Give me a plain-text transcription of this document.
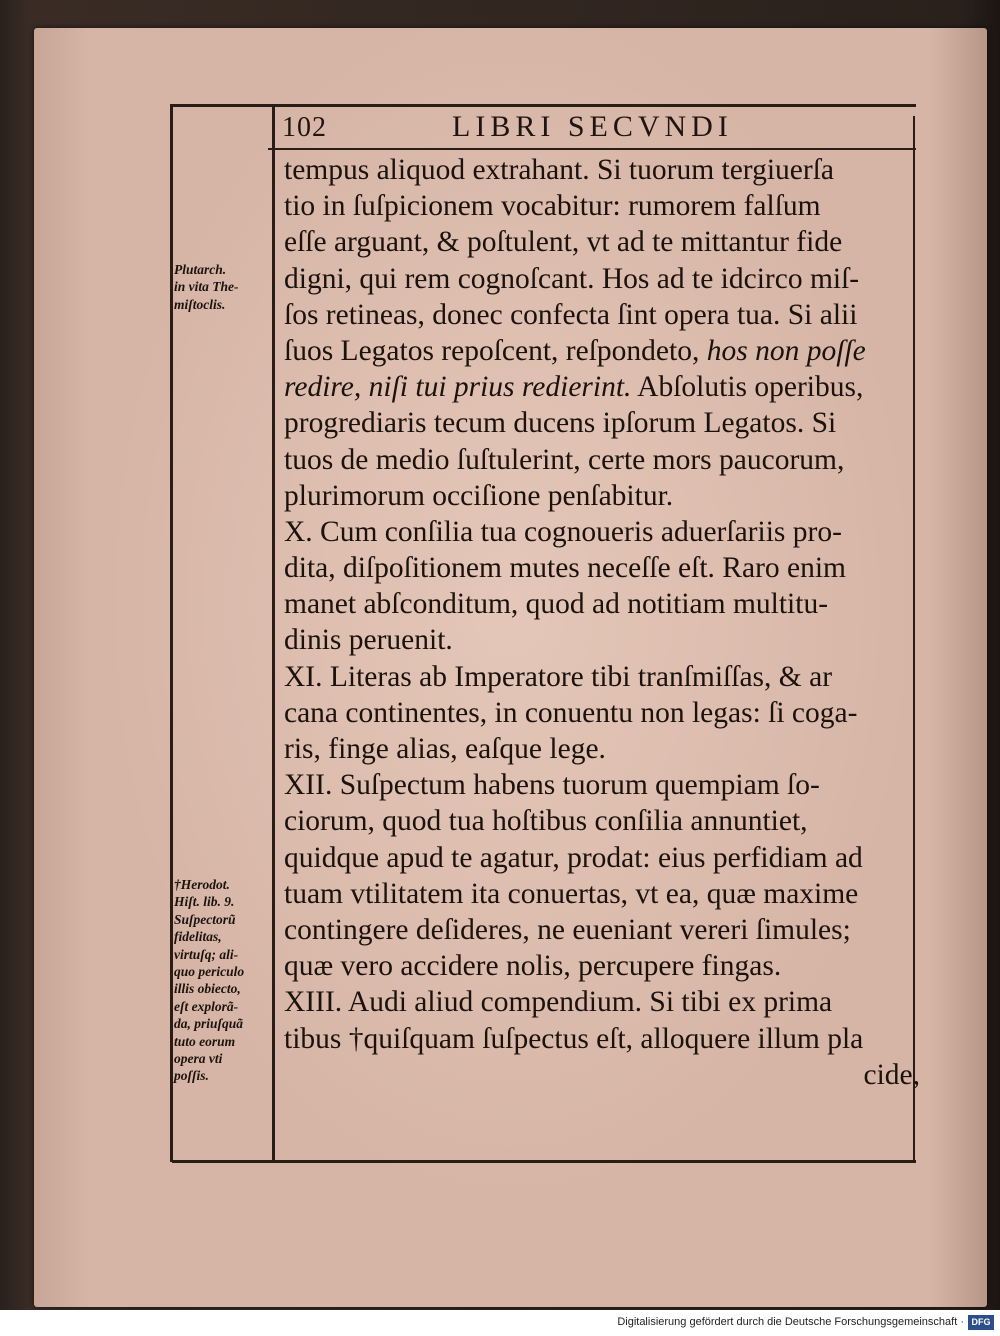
102	LIBRI SECVNDI
tempus aliquod extrahant. Si tuorum tergiuerſa
tio in ſuſpicionem vocabitur: rumorem falſum
eſſe arguant, & poſtulent, vt ad te mittantur fide
digni, qui rem cognoſcant. Hos ad te idcirco miſ-
ſos retineas, donec confecta ſint opera tua. Si alii
ſuos Legatos repoſcent, reſpondeto, hos non poſſe
redire, niſi tui prius redierint. Abſolutis operibus,
progrediaris tecum ducens ipſorum Legatos. Si
tuos de medio ſuſtulerint, certe mors paucorum,
plurimorum occiſione penſabitur.
X. Cum conſilia tua cognoueris aduerſariis pro-
dita, diſpoſitionem mutes neceſſe eſt. Raro enim
manet abſconditum, quod ad notitiam multitu-
dinis peruenit.
XI. Literas ab Imperatore tibi tranſmiſſas, & ar
cana continentes, in conuentu non legas: ſi coga-
ris, finge alias, eaſque lege.
XII. Suſpectum habens tuorum quempiam ſo-
ciorum, quod tua hoſtibus conſilia annuntiet,
quidque apud te agatur, prodat: eius perfidiam ad
tuam vtilitatem ita conuertas, vt ea, quæ maxime
contingere deſideres, ne eueniant vereri ſimules;
quæ vero accidere nolis, percupere fingas.
XIII. Audi aliud compendium. Si tibi ex prima
tibus †quiſquam ſuſpectus eſt, alloquere illum pla
cide,
Plutarch.
in vita The-
miſtoclis.
†Herodot.
Hiſt. lib. 9.
Suſpectorũ
fidelitas,
virtuſq; ali-
quo periculo
illis obiecto,
eſt explorã-
da, priuſquã
tuto eorum
opera vti
poſſis.
Digitalisierung gefördert durch die Deutsche Forschungsgemeinschaft · DFG
